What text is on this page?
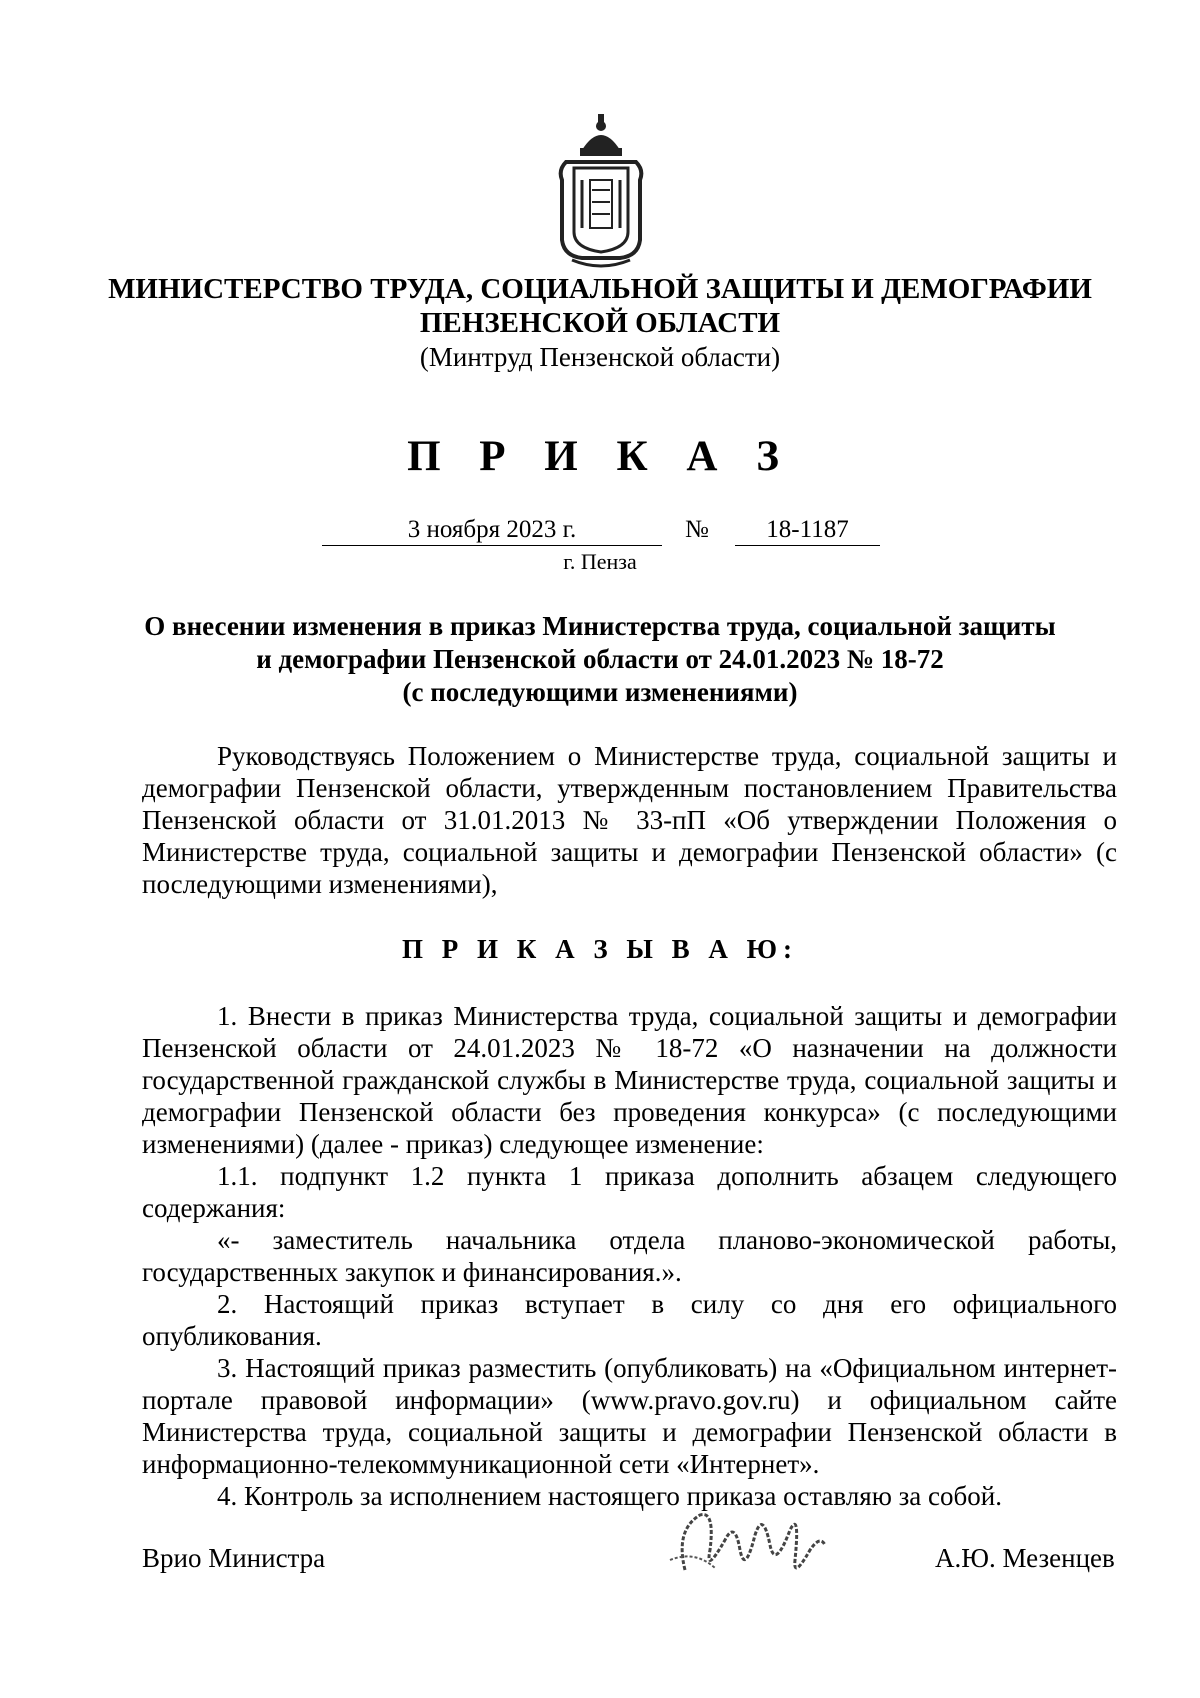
МИНИСТЕРСТВО ТРУДА, СОЦИАЛЬНОЙ ЗАЩИТЫ И ДЕМОГРАФИИ
ПЕНЗЕНСКОЙ ОБЛАСТИ
(Минтруд Пензенской области)
П Р И К А З
3 ноября 2023 г.	№	18-1187
г. Пенза
О внесении изменения в приказ Министерства труда, социальной защиты
и демографии Пензенской области от 24.01.2023 № 18-72
(с последующими изменениями)

Руководствуясь Положением о Министерстве труда, социальной защиты и демографии Пензенской области, утвержденным постановлением Правительства Пензенской области от 31.01.2013 № 33-пП «Об утверждении Положения о Министерстве труда, социальной защиты и демографии Пензенской области» (с последующими изменениями),

П Р И К А З Ы В А Ю:

1. Внести в приказ Министерства труда, социальной защиты и демографии Пензенской области от 24.01.2023 № 18-72 «О назначении на должности государственной гражданской службы в Министерстве труда, социальной защиты и демографии Пензенской области без проведения конкурса» (с последующими изменениями) (далее - приказ) следующее изменение:

1.1. подпункт 1.2 пункта 1 приказа дополнить абзацем следующего содержания:

«- заместитель начальника отдела планово-экономической работы, государственных закупок и финансирования.».

2. Настоящий приказ вступает в силу со дня его официального опубликования.

3. Настоящий приказ разместить (опубликовать) на «Официальном интернет-портале правовой информации» (www.pravo.gov.ru) и официальном сайте Министерства труда, социальной защиты и демографии Пензенской области в информационно-телекоммуникационной сети «Интернет».

4. Контроль за исполнением настоящего приказа оставляю за собой.

Врио Министра	А.Ю. Мезенцев
